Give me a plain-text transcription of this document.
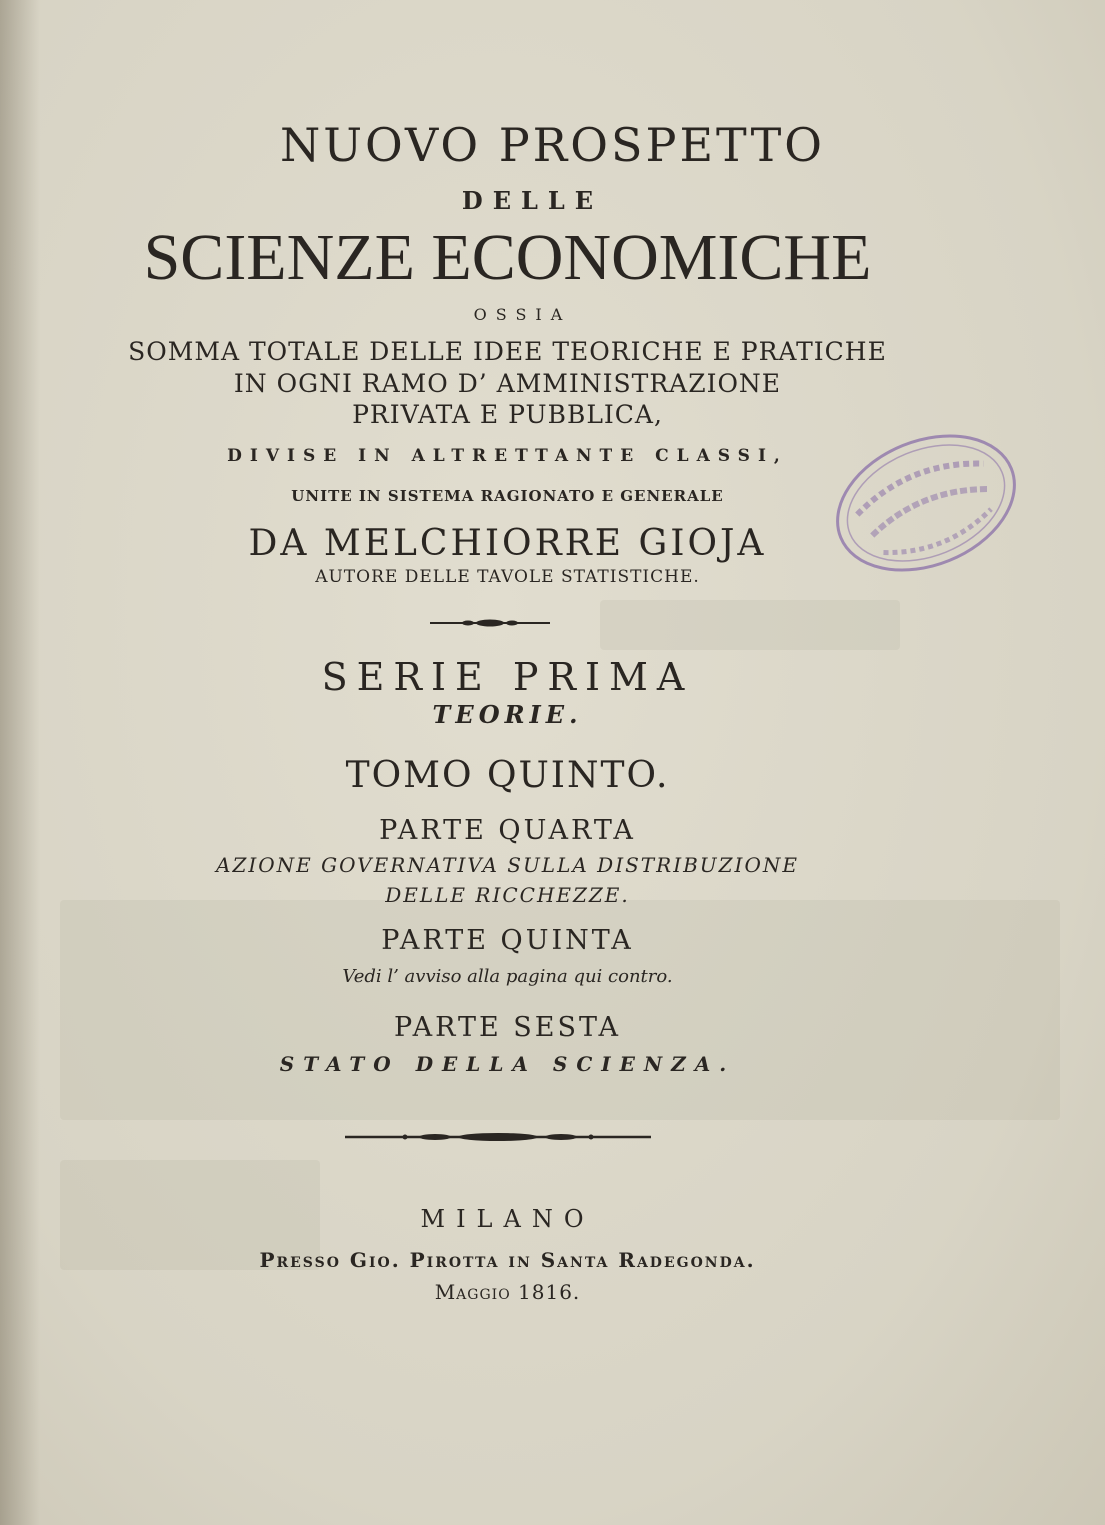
NUOVO PROSPETTO
DELLE
SCIENZE ECONOMICHE
OSSIA
SOMMA TOTALE DELLE IDEE TEORICHE E PRATICHE
IN OGNI RAMO D’ AMMINISTRAZIONE
PRIVATA E PUBBLICA,
DIVISE IN ALTRETTANTE CLASSI,
UNITE IN SISTEMA RAGIONATO E GENERALE
DA MELCHIORRE GIOJA
AUTORE DELLE TAVOLE STATISTICHE.
SERIE PRIMA
TEORIE.
TOMO QUINTO.
PARTE QUARTA
AZIONE GOVERNATIVA SULLA DISTRIBUZIONE
DELLE RICCHEZZE.
PARTE QUINTA
Vedi l’ avviso alla pagina qui contro.
PARTE SESTA
STATO DELLA SCIENZA.
MILANO
Presso Gio. Pirotta in Santa Radegonda.
Maggio 1816.
